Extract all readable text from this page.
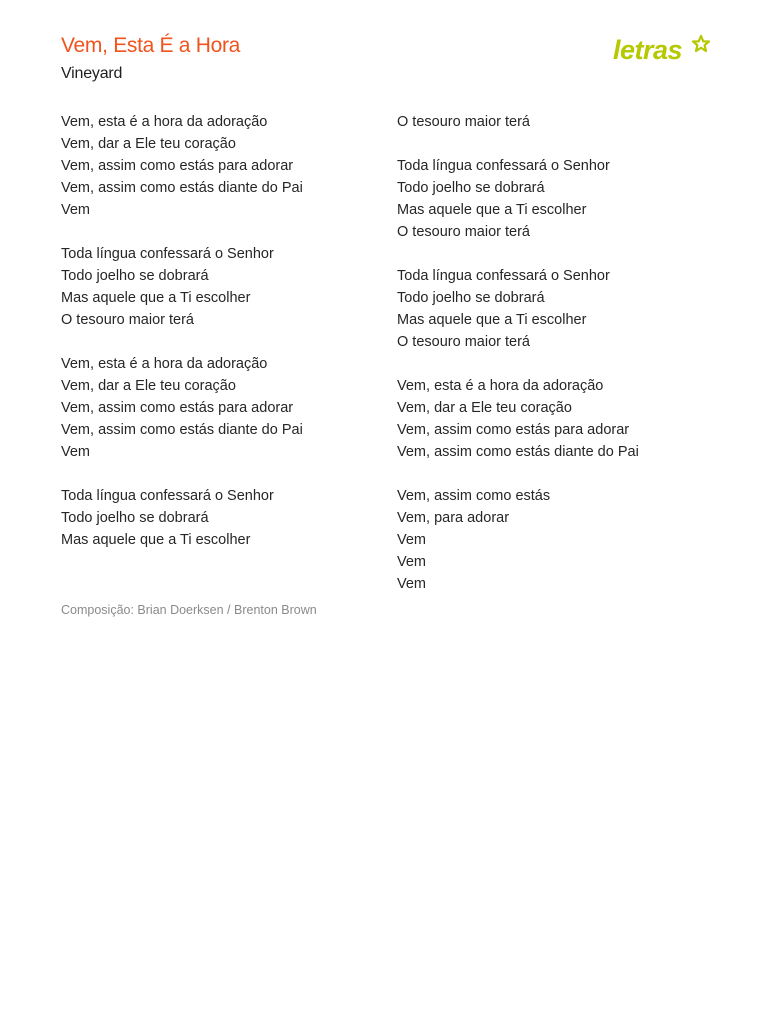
Vem, Esta É a Hora
Vineyard
letras
Vem, esta é a hora da adoração
Vem, dar a Ele teu coração
Vem, assim como estás para adorar
Vem, assim como estás diante do Pai
Vem
Toda língua confessará o Senhor
Todo joelho se dobrará
Mas aquele que a Ti escolher
O tesouro maior terá
Vem, esta é a hora da adoração
Vem, dar a Ele teu coração
Vem, assim como estás para adorar
Vem, assim como estás diante do Pai
Vem
Toda língua confessará o Senhor
Todo joelho se dobrará
Mas aquele que a Ti escolher
O tesouro maior terá
Toda língua confessará o Senhor
Todo joelho se dobrará
Mas aquele que a Ti escolher
O tesouro maior terá
Toda língua confessará o Senhor
Todo joelho se dobrará
Mas aquele que a Ti escolher
O tesouro maior terá
Vem, esta é a hora da adoração
Vem, dar a Ele teu coração
Vem, assim como estás para adorar
Vem, assim como estás diante do Pai
Vem, assim como estás
Vem, para adorar
Vem
Vem
Vem
Composição: Brian Doerksen / Brenton Brown
